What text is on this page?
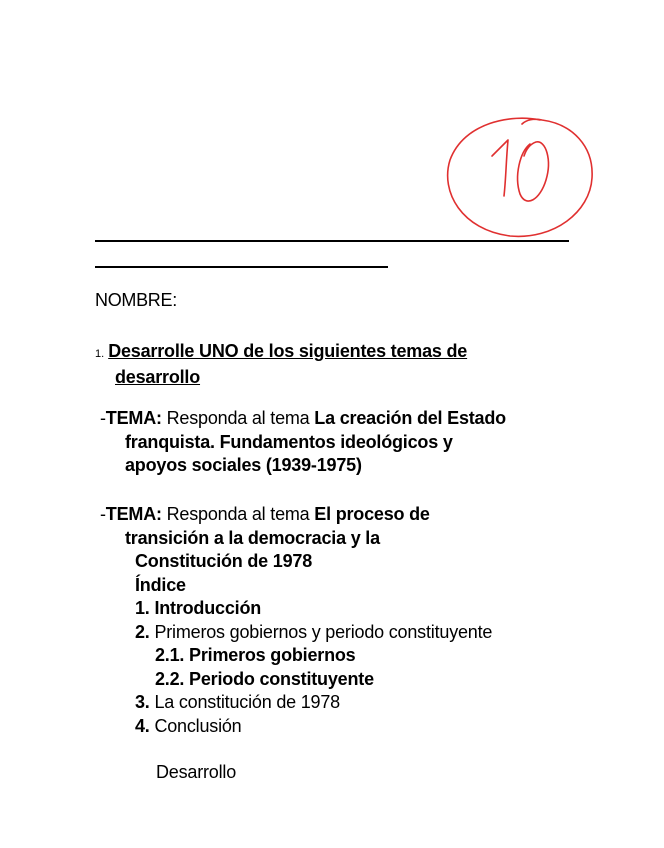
NOMBRE:
1. Desarrolle UNO de los siguientes temas de
desarrollo
-TEMA: Responda al tema La creación del Estado
franquista. Fundamentos ideológicos y
apoyos sociales (1939-1975)
-TEMA: Responda al tema El proceso de
transición a la democracia y la
Constitución de 1978
Índice
1. Introducción
2. Primeros gobiernos y periodo constituyente
2.1. Primeros gobiernos
2.2. Periodo constituyente
3. La constitución de 1978
4. Conclusión
Desarrollo
